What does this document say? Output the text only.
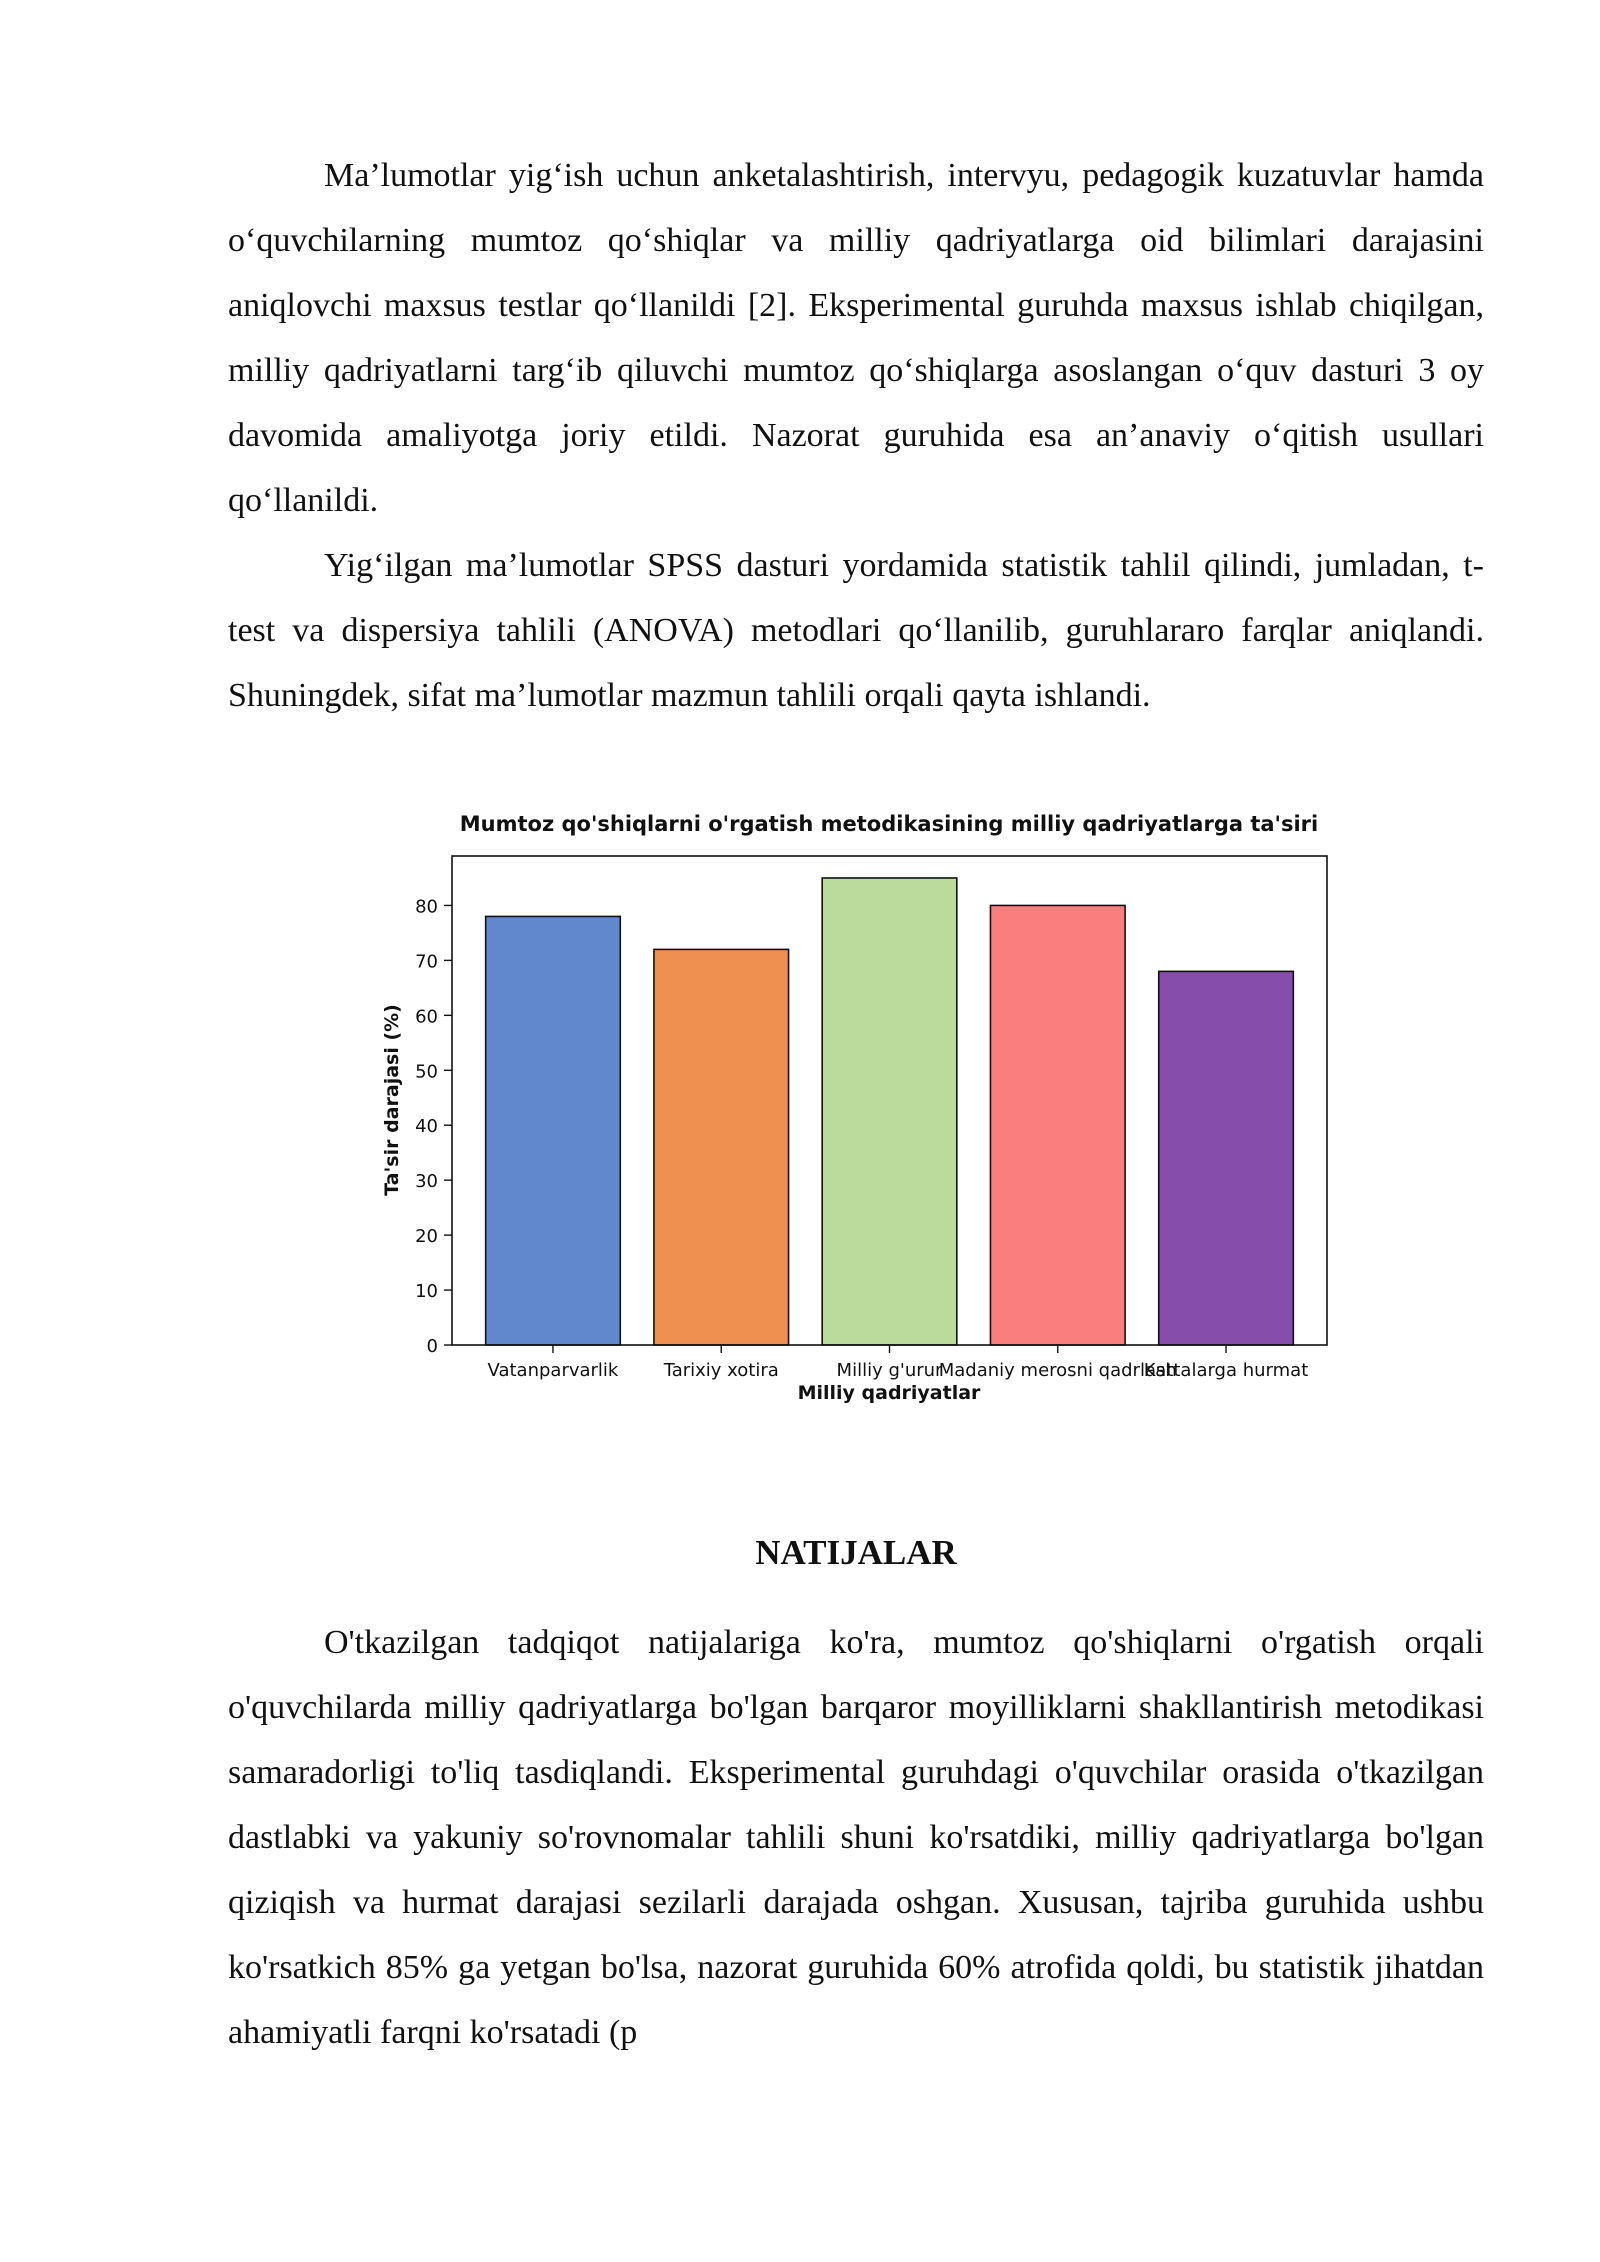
Ma’lumotlar yig‘ish uchun anketalashtirish, intervyu, pedagogik kuzatuvlar hamda o‘quvchilarning mumtoz qo‘shiqlar va milliy qadriyatlarga oid bilimlari darajasini aniqlovchi maxsus testlar qo‘llanildi [2]. Eksperimental guruhda maxsus ishlab chiqilgan, milliy qadriyatlarni targ‘ib qiluvchi mumtoz qo‘shiqlarga asoslangan o‘quv dasturi 3 oy davomida amaliyotga joriy etildi. Nazorat guruhida esa an’anaviy o‘qitish usullari qo‘llanildi.

Yig‘ilgan ma’lumotlar SPSS dasturi yordamida statistik tahlil qilindi, jumladan, t-test va dispersiya tahlili (ANOVA) metodlari qo‘llanilib, guruhlararo farqlar aniqlandi. Shuningdek, sifat ma’lumotlar mazmun tahlili orqali qayta ishlandi.

Mumtoz qo'shiqlarni o'rgatish metodikasining milliy qadriyatlarga ta'siri
0
10
20
30
40
50
60
70
80
Vatanparvarlik	Tarixiy xotira	Milliy g'urur
Madaniy merosni qadrlash
Kattalarga hurmat
Milliy qadriyatlar
Ta'sir darajasi (%)
NATIJALAR

O'tkazilgan tadqiqot natijalariga ko'ra, mumtoz qo'shiqlarni o'rgatish orqali o'quvchilarda milliy qadriyatlarga bo'lgan barqaror moyilliklarni shakllantirish metodikasi samaradorligi to'liq tasdiqlandi. Eksperimental guruhdagi o'quvchilar orasida o'tkazilgan dastlabki va yakuniy so'rovnomalar tahlili shuni ko'rsatdiki, milliy qadriyatlarga bo'lgan qiziqish va hurmat darajasi sezilarli darajada oshgan. Xususan, tajriba guruhida ushbu ko'rsatkich 85% ga yetgan bo'lsa, nazorat guruhida 60% atrofida qoldi, bu statistik jihatdan ahamiyatli farqni ko'rsatadi (p
